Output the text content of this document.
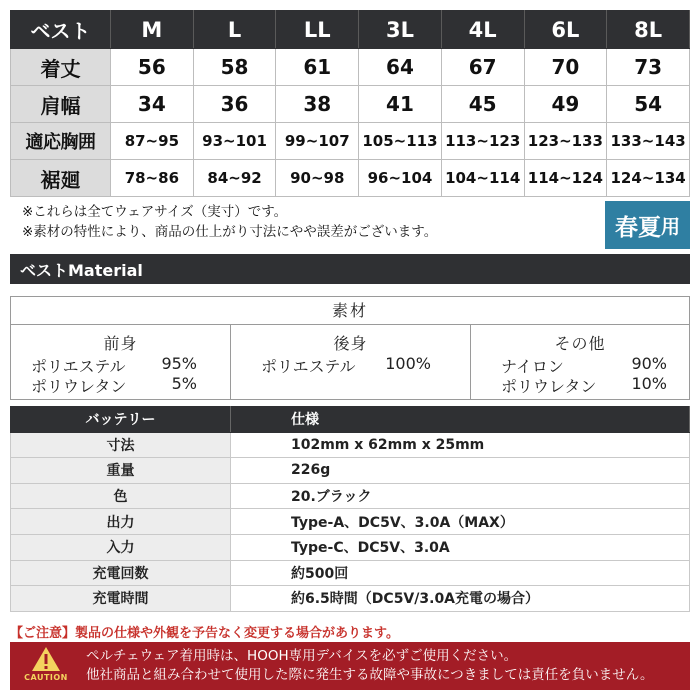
ベスト	M	L	LL	3L	4L	6L	8L
着丈	56	58	61	64	67	70	73
肩幅	34	36	38	41	45	49	54
適応胸囲	87~95	93~101	99~107	105~113	113~123	123~133	133~143
裾廻	78~86	84~92	90~98	96~104	104~114	114~124	124~134
※これらは全てウェアサイズ（実寸）です。
※素材の特性により、商品の仕上がり寸法にやや誤差がございます。	春夏 用
ベストMaterial
素材
前身
ポリエステル	95%
ポリウレタン	5%
後身
ポリエステル	100%
その他
ナイロン	90%
ポリウレタン	10%
バッテリー	仕様
寸法	102mm x 62mm x 25mm
重量	226g
色	20.ブラック
出力	Type-A、DC5V、3.0A（MAX）
入力	Type-C、DC5V、3.0A
充電回数	約500回
充電時間	約6.5時間（DC5V/3.0A充電の場合）
【ご注意】製品の仕様や外観を予告なく変更する場合があります。
CAUTION
ペルチェウェア着用時は、HOOH専用デバイスを必ずご使用ください。
他社商品と組み合わせて使用した際に発生する故障や事故につきましては責任を負いません。
